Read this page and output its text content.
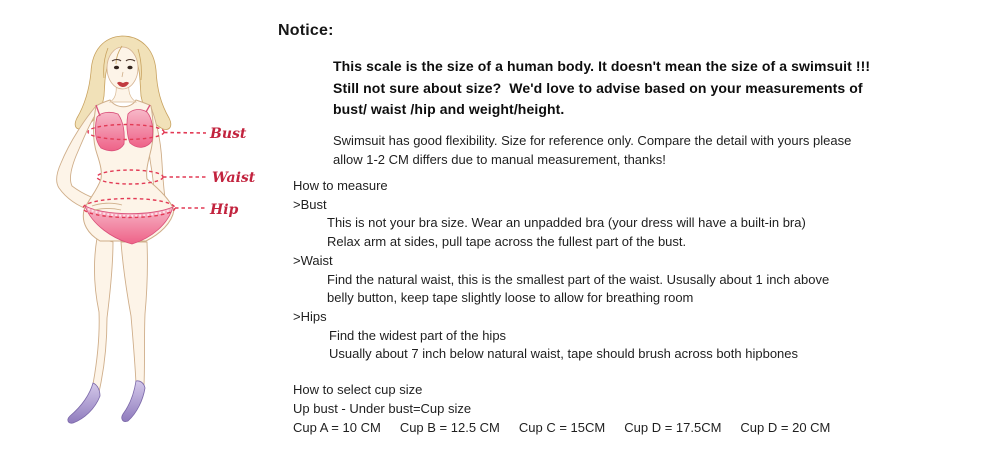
Bust
Waist
Hip
Notice:
This scale is the size of a human body. It doesn't mean the size of a swimsuit !!!
Still not sure about size?  We'd love to advise based on your measurements of
bust/ waist /hip and weight/height.
Swimsuit has good flexibility. Size for reference only. Compare the detail with yours please
allow 1-2 CM differs due to manual measurement, thanks!
How to measure
>Bust
This is not your bra size. Wear an unpadded bra (your dress will have a built-in bra)
Relax arm at sides, pull tape across the fullest part of the bust.
>Waist
Find the natural waist, this is the smallest part of the waist. Ususally about 1 inch above
belly button, keep tape slightly loose to allow for breathing room
>Hips
Find the widest part of the hips
Usually about 7 inch below natural waist, tape should brush across both hipbones
How to select cup size
Up bust - Under bust=Cup size
Cup A = 10 CM Cup B = 12.5 CM Cup C = 15CM Cup D = 17.5CM Cup D = 20 CM
